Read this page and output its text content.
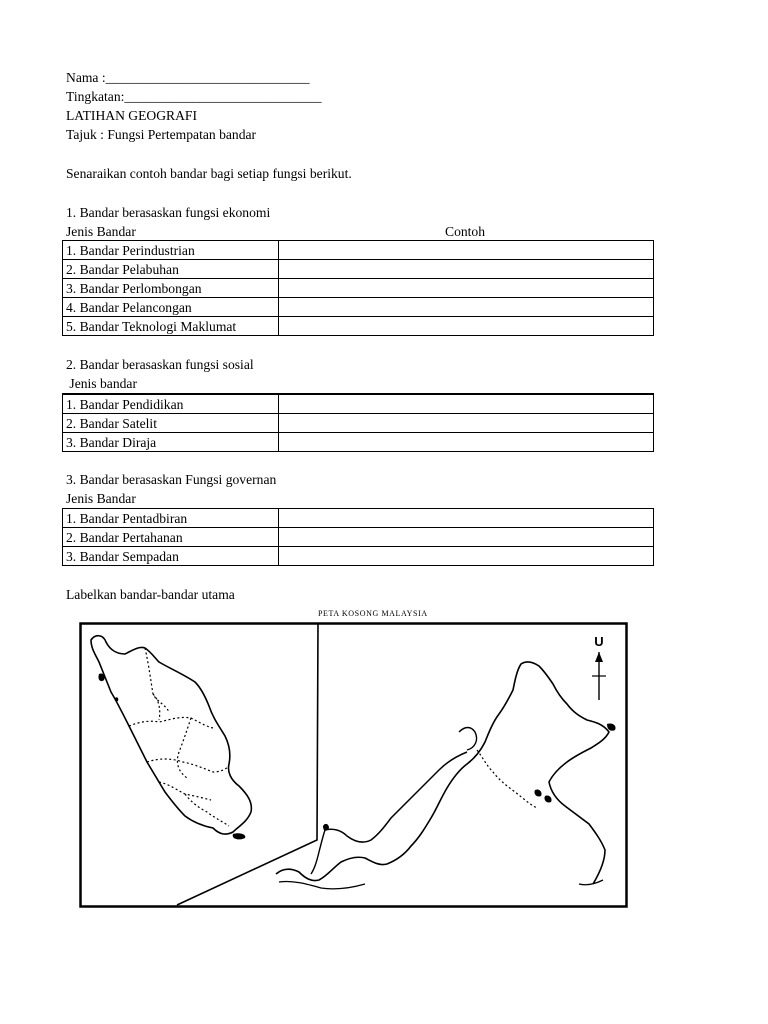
Nama :______________________________
Tingkatan:_____________________________
LATIHAN GEOGRAFI
Tajuk : Fungsi Pertempatan bandar
Senaraikan contoh bandar bagi setiap fungsi berikut.
1. Bandar berasaskan fungsi ekonomi
Jenis Bandar	Contoh
1. Bandar Perindustrian	
2. Bandar Pelabuhan	
3. Bandar Perlombongan	
4. Bandar Pelancongan	
5. Bandar Teknologi Maklumat	
2. Bandar berasaskan fungsi sosial
Jenis bandar
1. Bandar Pendidikan	
2. Bandar Satelit	
3. Bandar Diraja	
3. Bandar berasaskan Fungsi governan
Jenis Bandar
1. Bandar Pentadbiran	
2. Bandar Pertahanan	
3. Bandar Sempadan	
Labelkan bandar-bandar utama
PETA KOSONG MALAYSIA
U
